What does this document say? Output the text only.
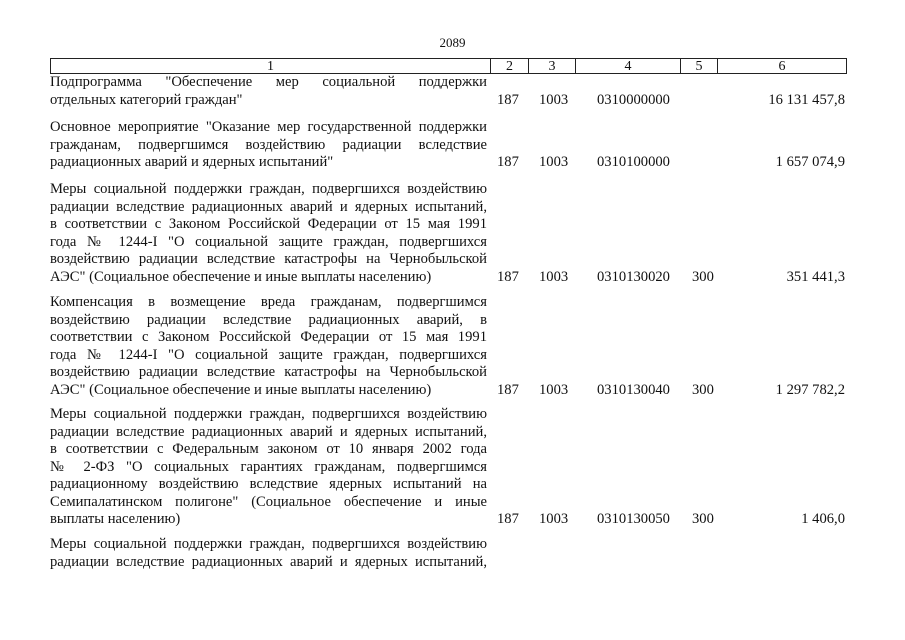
2089
1	2	3	4	5	6
Подпрограмма "Обеспечение мер социальной поддержки
отдельных категорий граждан"	187 1003 0310000000	16 131 457,8
Основное мероприятие "Оказание мер государственной поддержки
гражданам, подвергшимся воздействию радиации вследствие
радиационных аварий и ядерных испытаний"	187 1003 0310100000	1 657 074,9
Меры социальной поддержки граждан, подвергшихся воздействию
радиации вследствие радиационных аварий и ядерных испытаний,
в соответствии с Законом Российской Федерации от 15 мая 1991
года № 1244-I "О социальной защите граждан, подвергшихся
воздействию радиации вследствие катастрофы на Чернобыльской
АЭС" (Социальное обеспечение и иные выплаты населению)	187 1003 0310130020 300	351 441,3
Компенсация в возмещение вреда гражданам, подвергшимся
воздействию радиации вследствие радиационных аварий, в
соответствии с Законом Российской Федерации от 15 мая 1991
года № 1244-I "О социальной защите граждан, подвергшихся
воздействию радиации вследствие катастрофы на Чернобыльской
АЭС" (Социальное обеспечение и иные выплаты населению)	187 1003 0310130040 300	1 297 782,2
Меры социальной поддержки граждан, подвергшихся воздействию
радиации вследствие радиационных аварий и ядерных испытаний,
в соответствии с Федеральным законом от 10 января 2002 года
№ 2-ФЗ "О социальных гарантиях гражданам, подвергшимся
радиационному воздействию вследствие ядерных испытаний на
Семипалатинском полигоне" (Социальное обеспечение и иные
выплаты населению)	187 1003 0310130050 300	1 406,0
Меры социальной поддержки граждан, подвергшихся воздействию
радиации вследствие радиационных аварий и ядерных испытаний,
